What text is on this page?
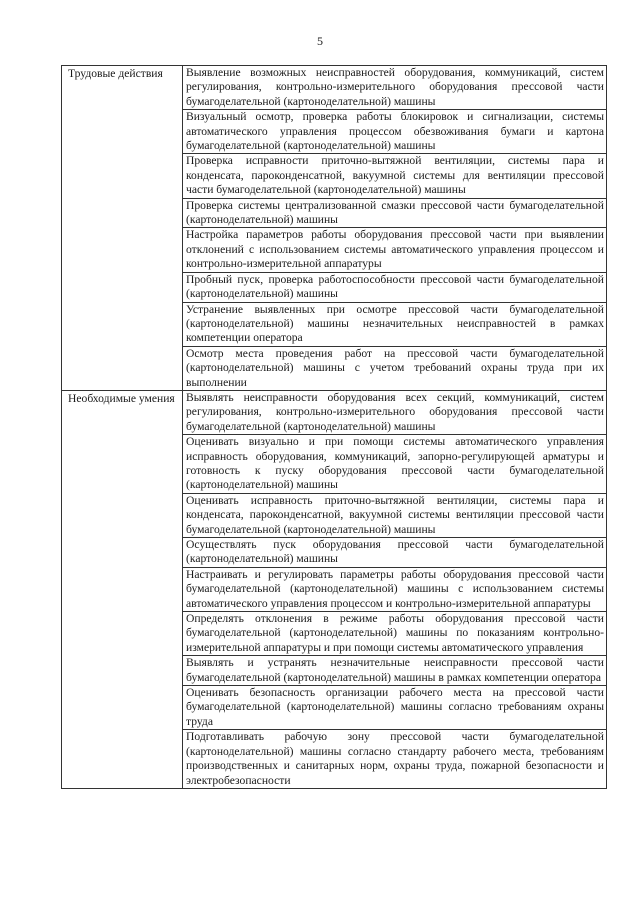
5
Трудовые действия	Выявление возможных неисправностей оборудования, коммуникаций, систем регулирования, контрольно-измерительного оборудования прессовой части бумагоделательной (картоноделательной) машины
	Визуальный осмотр, проверка работы блокировок и сигнализации, системы автоматического управления процессом обезвоживания бумаги и картона бумагоделательной (картоноделательной) машины
	Проверка исправности приточно-вытяжной вентиляции, системы пара и конденсата, пароконденсатной, вакуумной системы для вентиляции прессовой части бумагоделательной (картоноделательной) машины
	Проверка системы централизованной смазки прессовой части бумагоделательной (картоноделательной) машины
	Настройка параметров работы оборудования прессовой части при выявлении отклонений с использованием системы автоматического управления процессом и контрольно-измерительной аппаратуры
	Пробный пуск, проверка работоспособности прессовой части бумагоделательной (картоноделательной) машины
	Устранение выявленных при осмотре прессовой части бумагоделательной (картоноделательной) машины незначительных неисправностей в рамках компетенции оператора
	Осмотр места проведения работ на прессовой части бумагоделательной (картоноделательной) машины с учетом требований охраны труда при их выполнении
Необходимые умения	Выявлять неисправности оборудования всех секций, коммуникаций, систем регулирования, контрольно-измерительного оборудования прессовой части бумагоделательной (картоноделательной) машины
	Оценивать визуально и при помощи системы автоматического управления исправность оборудования, коммуникаций, запорно-регулирующей арматуры и готовность к пуску оборудования прессовой части бумагоделательной (картоноделательной) машины
	Оценивать исправность приточно-вытяжной вентиляции, системы пара и конденсата, пароконденсатной, вакуумной системы вентиляции прессовой части бумагоделательной (картоноделательной) машины
	Осуществлять пуск оборудования прессовой части бумагоделательной (картоноделательной) машины
	Настраивать и регулировать параметры работы оборудования прессовой части бумагоделательной (картоноделательной) машины с использованием системы автоматического управления процессом и контрольно-измерительной аппаратуры
	Определять отклонения в режиме работы оборудования прессовой части бумагоделательной (картоноделательной) машины по показаниям контрольно-измерительной аппаратуры и при помощи системы автоматического управления
	Выявлять и устранять незначительные неисправности прессовой части бумагоделательной (картоноделательной) машины в рамках компетенции оператора
	Оценивать безопасность организации рабочего места на прессовой части бумагоделательной (картоноделательной) машины согласно требованиям охраны труда
	Подготавливать рабочую зону прессовой части бумагоделательной (картоноделательной) машины согласно стандарту рабочего места, требованиям производственных и санитарных норм, охраны труда, пожарной безопасности и электробезопасности
